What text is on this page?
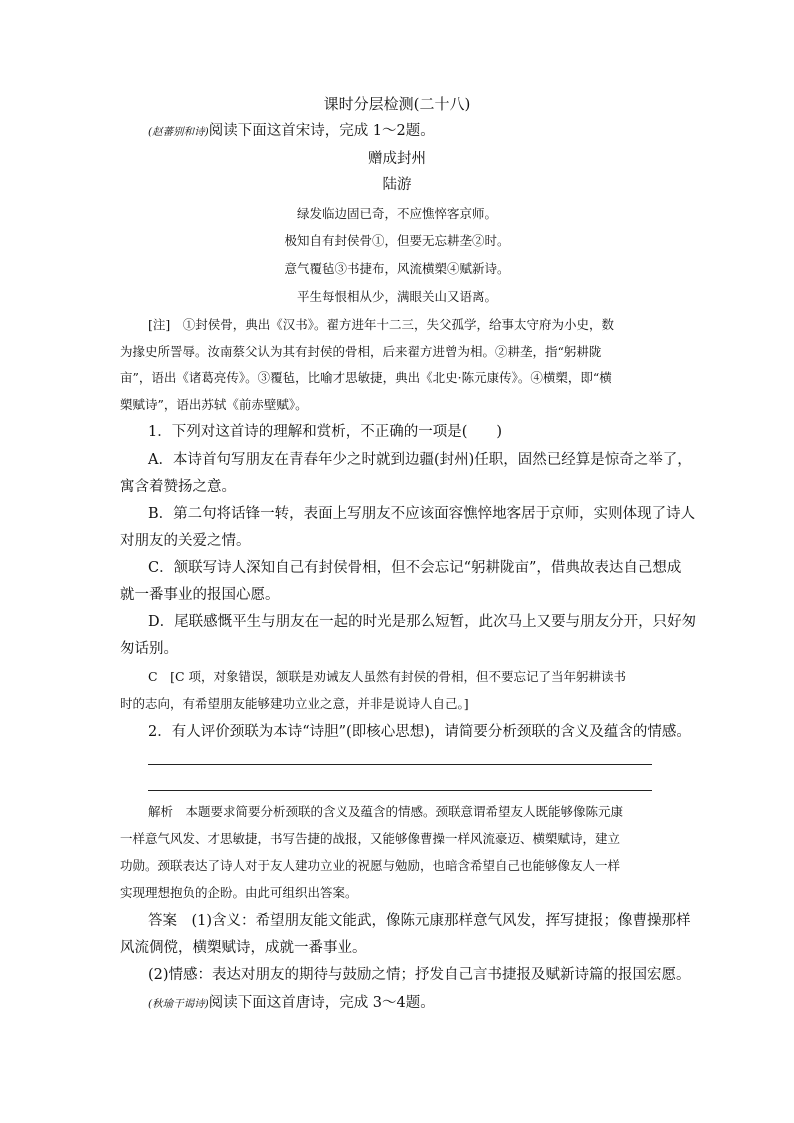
课时分层检测(二十八)
(赵蕃别和诗)阅读下面这首宋诗，完成 1～2题。
赠成封州
陆游
绿发临边固已奇，不应憔悴客京师。
极知自有封侯骨①，但要无忘耕垄②时。
意气覆毡③书捷布，风流横槊④赋新诗。
平生每恨相从少，满眼关山又语离。
[注]　①封侯骨，典出《汉书》。翟方进年十二三，失父孤学，给事太守府为小史，数
为掾史所詈辱。汝南蔡父认为其有封侯的骨相，后来翟方进曾为相。②耕垄，指“躬耕陇
亩”，语出《诸葛亮传》。③覆毡，比喻才思敏捷，典出《北史·陈元康传》。④横槊，即“横
槊赋诗”，语出苏轼《前赤壁赋》。
1．下列对这首诗的理解和赏析，不正确的一项是(　　)
A．本诗首句写朋友在青春年少之时就到边疆(封州)任职，固然已经算是惊奇之举了，
寓含着赞扬之意。
B．第二句将话锋一转，表面上写朋友不应该面容憔悴地客居于京师，实则体现了诗人
对朋友的关爱之情。
C．颔联写诗人深知自己有封侯骨相，但不会忘记“躬耕陇亩”，借典故表达自己想成
就一番事业的报国心愿。
D．尾联感慨平生与朋友在一起的时光是那么短暂，此次马上又要与朋友分开，只好匆
匆话别。
C　[C 项，对象错误，颔联是劝诫友人虽然有封侯的骨相，但不要忘记了当年躬耕读书
时的志向，有希望朋友能够建功立业之意，并非是说诗人自己。]
2．有人评价颈联为本诗“诗胆”(即核心思想)，请简要分析颈联的含义及蕴含的情感。
解析　本题要求简要分析颈联的含义及蕴含的情感。颈联意谓希望友人既能够像陈元康
一样意气风发、才思敏捷，书写告捷的战报，又能够像曹操一样风流豪迈、横槊赋诗，建立
功勋。颈联表达了诗人对于友人建功立业的祝愿与勉励，也暗含希望自己也能够像友人一样
实现理想抱负的企盼。由此可组织出答案。
答案　(1)含义：希望朋友能文能武，像陈元康那样意气风发，挥写捷报；像曹操那样
风流倜傥，横槊赋诗，成就一番事业。
(2)情感：表达对朋友的期待与鼓励之情；抒发自己言书捷报及赋新诗篇的报国宏愿。
(秋瑜干谒诗)阅读下面这首唐诗，完成 3～4题。
